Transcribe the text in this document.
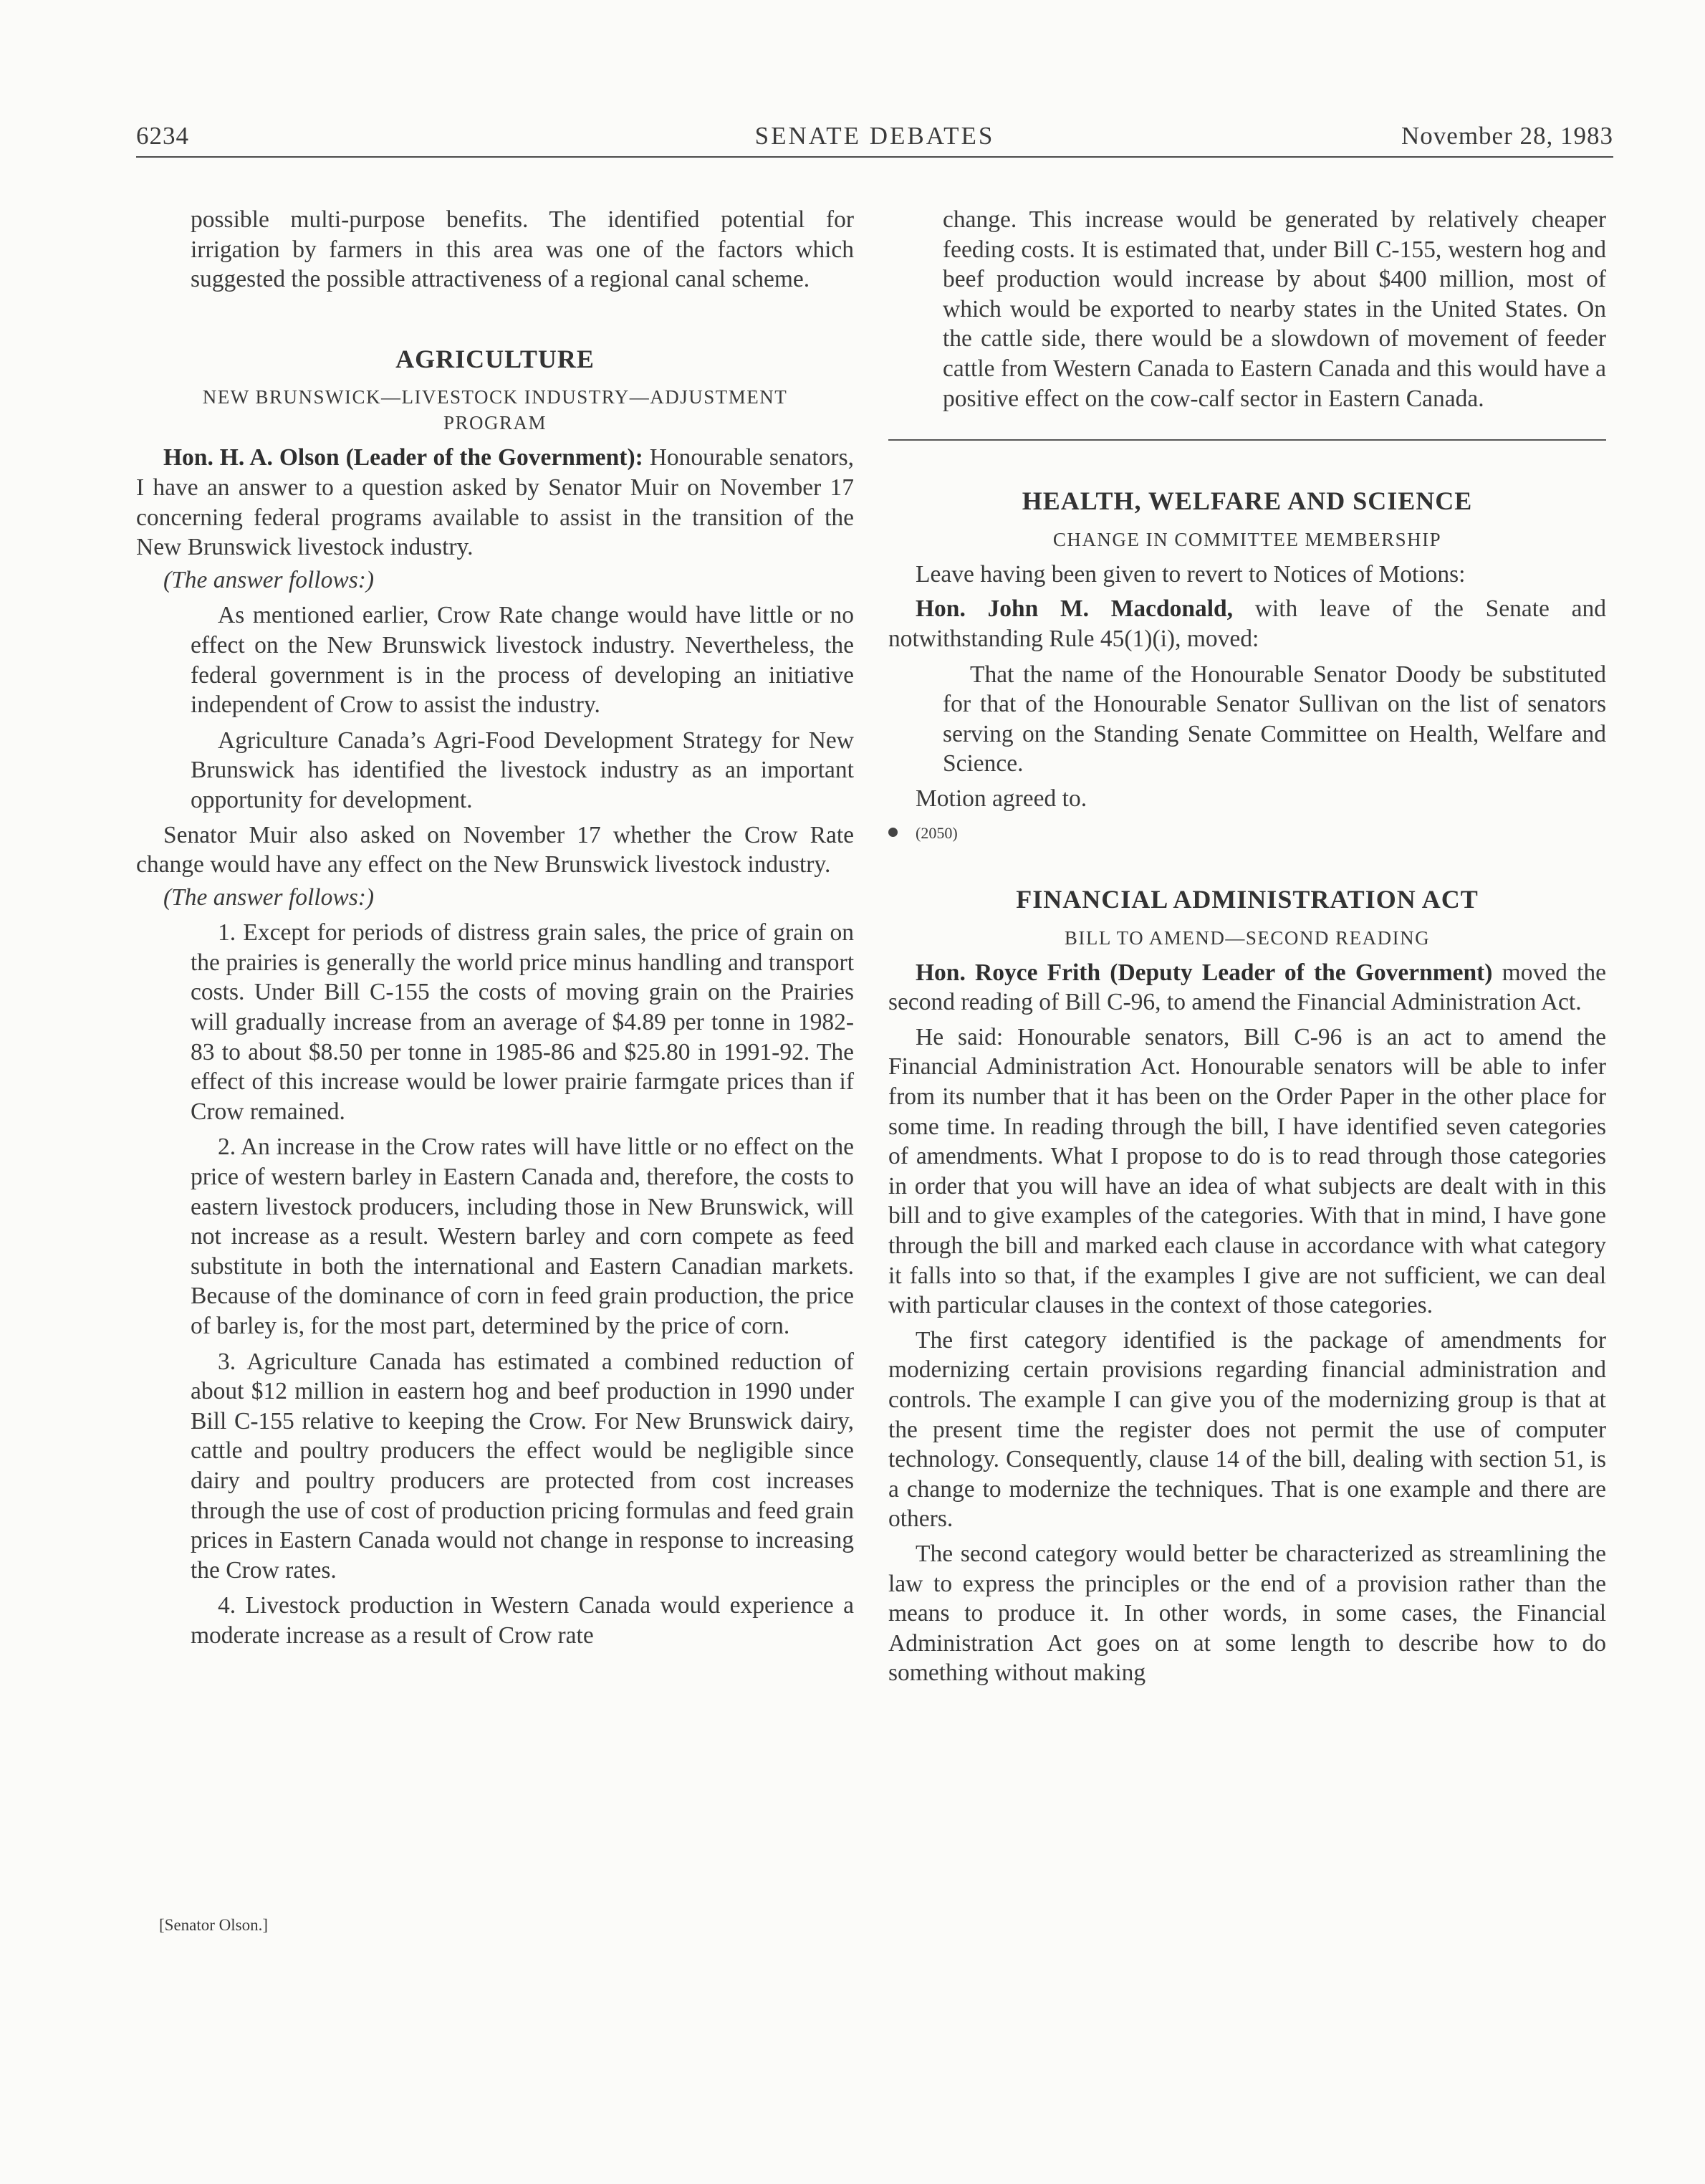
6234	SENATE DEBATES	November 28, 1983

possible multi-purpose benefits. The identified potential for irrigation by farmers in this area was one of the factors which suggested the possible attractiveness of a regional canal scheme.

AGRICULTURE
NEW BRUNSWICK—LIVESTOCK INDUSTRY—ADJUSTMENT PROGRAM

Hon. H. A. Olson (Leader of the Government): Honourable senators, I have an answer to a question asked by Senator Muir on November 17 concerning federal programs available to assist in the transition of the New Brunswick livestock industry.

(The answer follows:)

As mentioned earlier, Crow Rate change would have little or no effect on the New Brunswick livestock industry. Nevertheless, the federal government is in the process of developing an initiative independent of Crow to assist the industry.

Agriculture Canada’s Agri-Food Development Strategy for New Brunswick has identified the livestock industry as an important opportunity for development.

Senator Muir also asked on November 17 whether the Crow Rate change would have any effect on the New Brunswick livestock industry.

(The answer follows:)

1. Except for periods of distress grain sales, the price of grain on the prairies is generally the world price minus handling and transport costs. Under Bill C-155 the costs of moving grain on the Prairies will gradually increase from an average of $4.89 per tonne in 1982-83 to about $8.50 per tonne in 1985-86 and $25.80 in 1991-92. The effect of this increase would be lower prairie farmgate prices than if Crow remained.

2. An increase in the Crow rates will have little or no effect on the price of western barley in Eastern Canada and, therefore, the costs to eastern livestock producers, including those in New Brunswick, will not increase as a result. Western barley and corn compete as feed substitute in both the international and Eastern Canadian markets. Because of the dominance of corn in feed grain production, the price of barley is, for the most part, determined by the price of corn.

3. Agriculture Canada has estimated a combined reduction of about $12 million in eastern hog and beef production in 1990 under Bill C-155 relative to keeping the Crow. For New Brunswick dairy, cattle and poultry producers the effect would be negligible since dairy and poultry producers are protected from cost increases through the use of cost of production pricing formulas and feed grain prices in Eastern Canada would not change in response to increasing the Crow rates.

4. Livestock production in Western Canada would experience a moderate increase as a result of Crow rate

[Senator Olson.]

change. This increase would be generated by relatively cheaper feeding costs. It is estimated that, under Bill C-155, western hog and beef production would increase by about $400 million, most of which would be exported to nearby states in the United States. On the cattle side, there would be a slowdown of movement of feeder cattle from Western Canada to Eastern Canada and this would have a positive effect on the cow-calf sector in Eastern Canada.

HEALTH, WELFARE AND SCIENCE
CHANGE IN COMMITTEE MEMBERSHIP

Leave having been given to revert to Notices of Motions:

Hon. John M. Macdonald, with leave of the Senate and notwithstanding Rule 45(1)(i), moved:

That the name of the Honourable Senator Doody be substituted for that of the Honourable Senator Sullivan on the list of senators serving on the Standing Senate Committee on Health, Welfare and Science.

Motion agreed to.

(2050)
FINANCIAL ADMINISTRATION ACT
BILL TO AMEND—SECOND READING

Hon. Royce Frith (Deputy Leader of the Government) moved the second reading of Bill C-96, to amend the Financial Administration Act.

He said: Honourable senators, Bill C-96 is an act to amend the Financial Administration Act. Honourable senators will be able to infer from its number that it has been on the Order Paper in the other place for some time. In reading through the bill, I have identified seven categories of amendments. What I propose to do is to read through those categories in order that you will have an idea of what subjects are dealt with in this bill and to give examples of the categories. With that in mind, I have gone through the bill and marked each clause in accordance with what category it falls into so that, if the examples I give are not sufficient, we can deal with particular clauses in the context of those categories.

The first category identified is the package of amendments for modernizing certain provisions regarding financial administration and controls. The example I can give you of the modernizing group is that at the present time the register does not permit the use of computer technology. Consequently, clause 14 of the bill, dealing with section 51, is a change to modernize the techniques. That is one example and there are others.

The second category would better be characterized as streamlining the law to express the principles or the end of a provision rather than the means to produce it. In other words, in some cases, the Financial Administration Act goes on at some length to describe how to do something without making
